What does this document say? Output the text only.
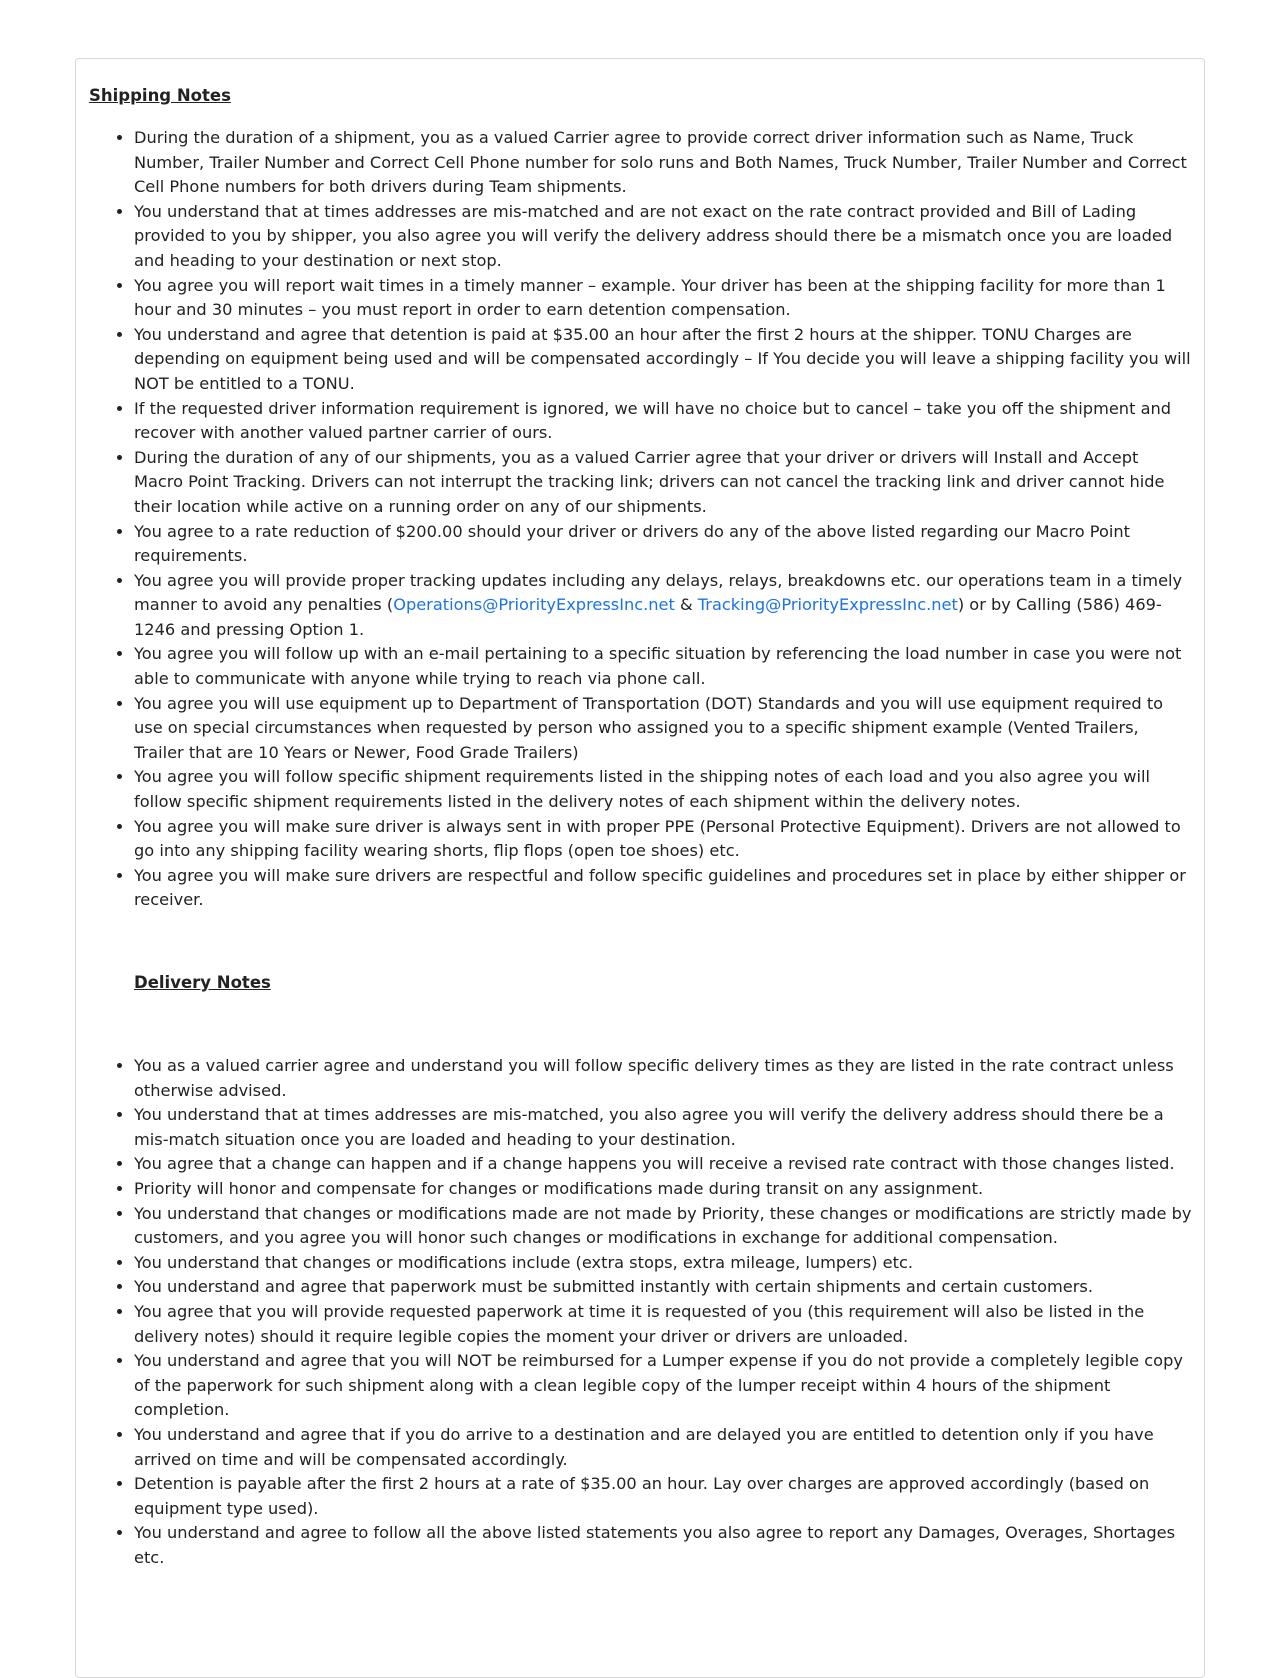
Shipping Notes
• During the duration of a shipment, you as a valued Carrier agree to provide correct driver information such as Name, Truck Number, Trailer Number and Correct Cell Phone number for solo runs and Both Names, Truck Number, Trailer Number and Correct Cell Phone numbers for both drivers during Team shipments.
• You understand that at times addresses are mis-matched and are not exact on the rate contract provided and Bill of Lading provided to you by shipper, you also agree you will verify the delivery address should there be a mismatch once you are loaded and heading to your destination or next stop.
• You agree you will report wait times in a timely manner – example. Your driver has been at the shipping facility for more than 1 hour and 30 minutes – you must report in order to earn detention compensation.
• You understand and agree that detention is paid at $35.00 an hour after the first 2 hours at the shipper. TONU Charges are depending on equipment being used and will be compensated accordingly – If You decide you will leave a shipping facility you will NOT be entitled to a TONU.
• If the requested driver information requirement is ignored, we will have no choice but to cancel – take you off the shipment and recover with another valued partner carrier of ours.
• During the duration of any of our shipments, you as a valued Carrier agree that your driver or drivers will Install and Accept Macro Point Tracking. Drivers can not interrupt the tracking link; drivers can not cancel the tracking link and driver cannot hide their location while active on a running order on any of our shipments.
• You agree to a rate reduction of $200.00 should your driver or drivers do any of the above listed regarding our Macro Point requirements.
• You agree you will provide proper tracking updates including any delays, relays, breakdowns etc. our operations team in a timely manner to avoid any penalties (Operations@PriorityExpressInc.net & Tracking@PriorityExpressInc.net) or by Calling (586) 469-1246 and pressing Option 1.
• You agree you will follow up with an e-mail pertaining to a specific situation by referencing the load number in case you were not able to communicate with anyone while trying to reach via phone call.
• You agree you will use equipment up to Department of Transportation (DOT) Standards and you will use equipment required to use on special circumstances when requested by person who assigned you to a specific shipment example (Vented Trailers, Trailer that are 10 Years or Newer, Food Grade Trailers)
• You agree you will follow specific shipment requirements listed in the shipping notes of each load and you also agree you will follow specific shipment requirements listed in the delivery notes of each shipment within the delivery notes.
• You agree you will make sure driver is always sent in with proper PPE (Personal Protective Equipment). Drivers are not allowed to go into any shipping facility wearing shorts, flip flops (open toe shoes) etc.
• You agree you will make sure drivers are respectful and follow specific guidelines and procedures set in place by either shipper or receiver.
Delivery Notes
• You as a valued carrier agree and understand you will follow specific delivery times as they are listed in the rate contract unless otherwise advised.
• You understand that at times addresses are mis-matched, you also agree you will verify the delivery address should there be a mis-match situation once you are loaded and heading to your destination.
• You agree that a change can happen and if a change happens you will receive a revised rate contract with those changes listed.
• Priority will honor and compensate for changes or modifications made during transit on any assignment.
• You understand that changes or modifications made are not made by Priority, these changes or modifications are strictly made by customers, and you agree you will honor such changes or modifications in exchange for additional compensation.
• You understand that changes or modifications include (extra stops, extra mileage, lumpers) etc.
• You understand and agree that paperwork must be submitted instantly with certain shipments and certain customers.
• You agree that you will provide requested paperwork at time it is requested of you (this requirement will also be listed in the delivery notes) should it require legible copies the moment your driver or drivers are unloaded.
• You understand and agree that you will NOT be reimbursed for a Lumper expense if you do not provide a completely legible copy of the paperwork for such shipment along with a clean legible copy of the lumper receipt within 4 hours of the shipment completion.
• You understand and agree that if you do arrive to a destination and are delayed you are entitled to detention only if you have arrived on time and will be compensated accordingly.
• Detention is payable after the first 2 hours at a rate of $35.00 an hour. Lay over charges are approved accordingly (based on equipment type used).
• You understand and agree to follow all the above listed statements you also agree to report any Damages, Overages, Shortages etc.
